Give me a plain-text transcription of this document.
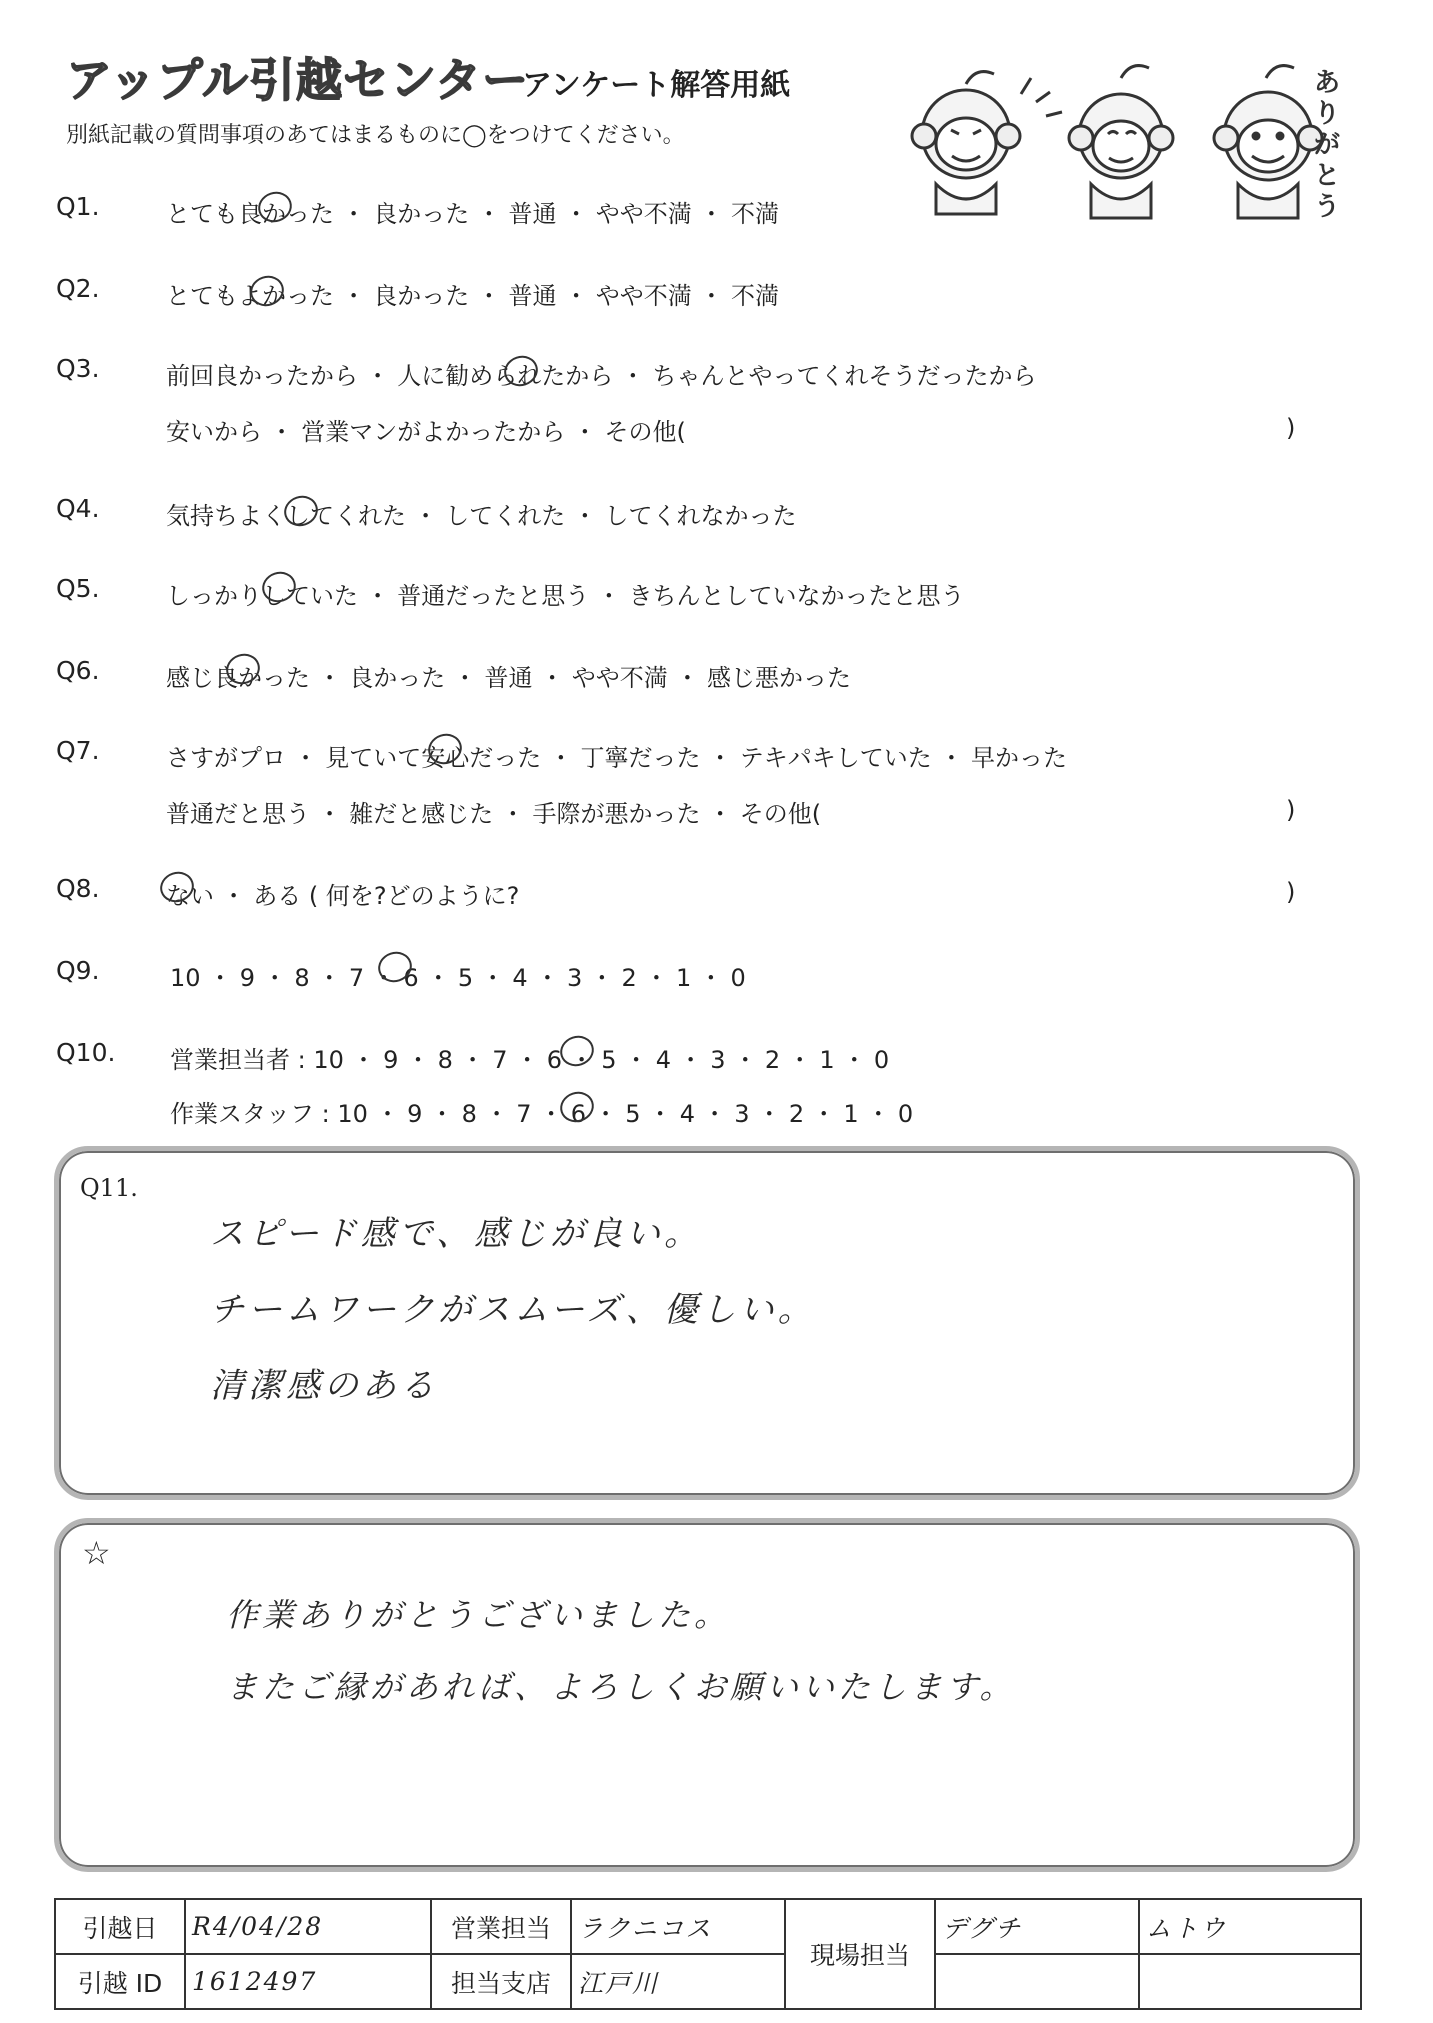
アップル引越センター
アンケート解答用紙
別紙記載の質問事項のあてはまるものに◯をつけてください。
あ
り
が
と
う
Q1.	とても良かった ・ 良かった ・ 普通 ・ やや不満 ・ 不満
Q2.	とてもよかった ・ 良かった ・ 普通 ・ やや不満 ・ 不満
Q3.	前回良かったから ・ 人に勧められたから ・ ちゃんとやってくれそうだったから
安いから ・ 営業マンがよかったから ・ その他(	)
Q4.	気持ちよくしてくれた ・ してくれた ・ してくれなかった
Q5.	しっかりしていた ・ 普通だったと思う ・ きちんとしていなかったと思う
Q6.	感じ良かった ・ 良かった ・ 普通 ・ やや不満 ・ 感じ悪かった
Q7.	さすがプロ ・ 見ていて安心だった ・ 丁寧だった ・ テキパキしていた ・ 早かった
普通だと思う ・ 雑だと感じた ・ 手際が悪かった ・ その他(	)
Q8.	ない ・ ある ( 何を?どのように?	)
Q9.	10 ・ 9 ・ 8 ・ 7 ・ 6 ・ 5 ・ 4 ・ 3 ・ 2 ・ 1 ・ 0
Q10. 営業担当者 : 10 ・ 9 ・ 8 ・ 7 ・ 6 ・ 5 ・ 4 ・ 3 ・ 2 ・ 1 ・ 0
作業スタッフ : 10 ・ 9 ・ 8 ・ 7 ・ 6 ・ 5 ・ 4 ・ 3 ・ 2 ・ 1 ・ 0
Q11.
スピード感で、感じが良い。
チームワークがスムーズ、優しい。
清潔感のある
☆
作業ありがとうございました。
またご縁があれば、よろしくお願いいたします。
引越日	R4/04/28	営業担当	ラクニコス	現場担当	デグチ	ムトウ
引越 ID	1612497	担当支店	江戸川			
